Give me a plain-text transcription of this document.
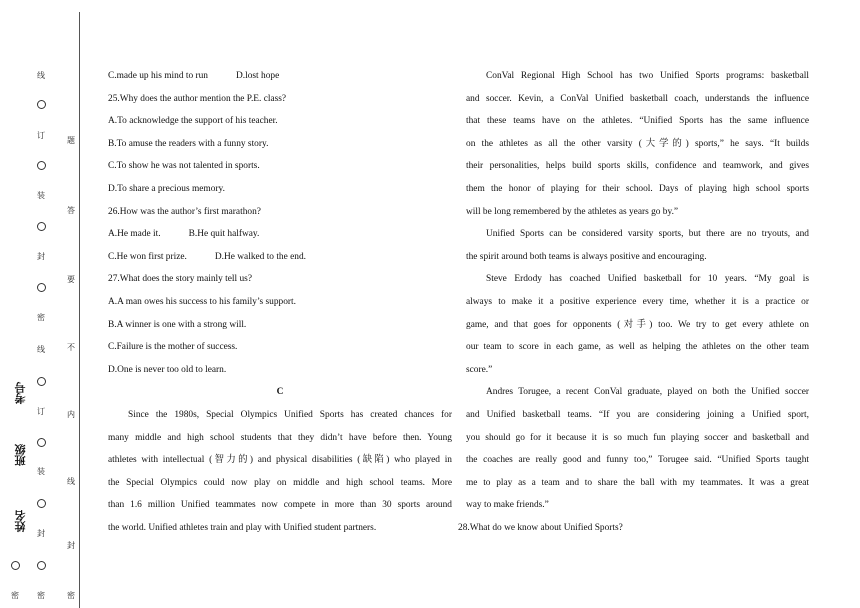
姓名
班级
考号
线
订
装
封
密
线
订
装
封
密
密
题
答
要
不
内
线
封
密
C.made up his mind to run	D.lost hope
25.Why does the author mention the P.E. class?
A.To acknowledge the support of his teacher.
B.To amuse the readers with a funny story.
C.To show he was not talented in sports.
D.To share a precious memory.
26.How was the author’s first marathon?
A.He made it.	B.He quit halfway.
C.He won first prize.	D.He walked to the end.
27.What does the story mainly tell us?
A.A man owes his success to his family’s support.
B.A winner is one with a strong will.
C.Failure is the mother of success.
D.One is never too old to learn.
C
Since the 1980s, Special Olympics Unified Sports has created chances for
many middle and high school students that they didn’t have before then. Young
athletes with intellectual (智力的) and physical disabilities (缺陷) who played in
the Special Olympics could now play on middle and high school teams. More
than 1.6 million Unified teammates now compete in more than 30 sports around
the world. Unified athletes train and play with Unified student partners.
ConVal Regional High School has two Unified Sports programs: basketball
and soccer. Kevin, a ConVal Unified basketball coach, understands the influence
that these teams have on the athletes. “Unified Sports has the same influence
on the athletes as all the other varsity (大学的) sports,” he says. “It builds
their personalities, helps build sports skills, confidence and teamwork, and gives
them the honor of playing for their school. Days of playing high school sports
will be long remembered by the athletes as years go by.”
Unified Sports can be considered varsity sports, but there are no tryouts, and
the spirit around both teams is always positive and encouraging.
Steve Erdody has coached Unified basketball for 10 years. “My goal is
always to make it a positive experience every time, whether it is a practice or
game, and that goes for opponents (对手) too. We try to get every athlete on
our team to score in each game, as well as helping the athletes on the other team
score.”
Andres Torugee, a recent ConVal graduate, played on both the Unified soccer
and Unified basketball teams. “If you are considering joining a Unified sport,
you should go for it because it is so much fun playing soccer and basketball and
the coaches are really good and funny too,” Torugee said. “Unified Sports taught
me to play as a team and to share the ball with my teammates. It was a great
way to make friends.”
28.What do we know about Unified Sports?
